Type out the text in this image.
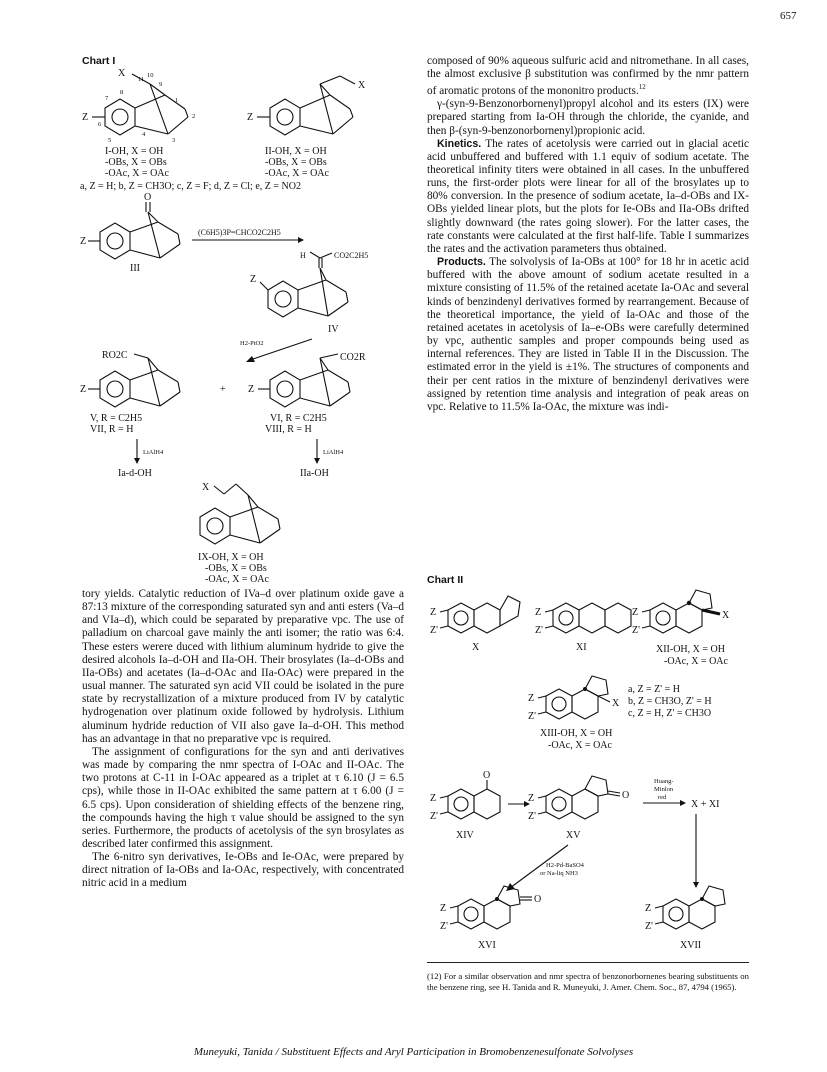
657
Chart I
X
Z
11
10
9
8
7
6
5
4
3
2
1
I-OH, X = OH
-OBs, X = OBs
-OAc, X = OAc
X
Z
II-OH, X = OH
-OBs, X = OBs
-OAc, X = OAc
a, Z = H; b, Z = CH3O; c, Z = F; d, Z = Cl; e, Z = NO2
O
Z
III
(C6H5)3P=CHCO2C2H5
H	CO2C2H5
Z
IV
H2-PtO2
RO2C
Z
V, R = C2H5
VII, R = H
+
CO2R
Z
VI, R = C2H5
VIII, R = H
LiAlH4
Ia-d-OH
LiAlH4
IIa-OH
X
IX-OH, X = OH
-OBs, X = OBs
-OAc, X = OAc

tory yields. Catalytic reduction of IVa–d over platinum oxide gave a 87:13 mixture of the corresponding saturated syn and anti esters (Va–d and VIa–d), which could be separated by preparative vpc. The use of palladium on charcoal gave mainly the anti isomer; the ratio was 6:4. These esters werere duced with lithium aluminum hydride to give the desired alcohols Ia–d-OH and IIa-OH. Their brosylates (Ia–d-OBs and IIa-OBs) and acetates (Ia–d-OAc and IIa-OAc) were prepared in the usual manner. The saturated syn acid VII could be isolated in the pure state by recrystallization of a mixture produced from IV by catalytic hydrogenation over platinum oxide followed by hydrolysis. Lithium aluminum hydride reduction of VII also gave Ia–d-OH. This method has an advantage in that no preparative vpc is required.

The assignment of configurations for the syn and anti derivatives was made by comparing the nmr spectra of I-OAc and II-OAc. The two protons at C-11 in I-OAc appeared as a triplet at τ 6.10 (J = 6.5 cps), while those in II-OAc exhibited the same pattern at τ 6.00 (J = 6.5 cps). Upon consideration of shielding effects of the benzene ring, the compounds having the high τ value should be assigned to the syn series. Furthermore, the products of acetolysis of the syn brosylates as described later confirmed this assignment.

The 6-nitro syn derivatives, Ie-OBs and Ie-OAc, were prepared by direct nitration of Ia-OBs and Ia-OAc, respectively, with concentrated nitric acid in a medium

composed of 90% aqueous sulfuric acid and nitromethane. In all cases, the almost exclusive β substitution was confirmed by the nmr pattern of aromatic protons of the mononitro products.$^{12}$

γ-(syn-9-Benzonorbornenyl)propyl alcohol and its esters (IX) were prepared starting from Ia-OH through the chloride, the cyanide, and then β-(syn-9-benzonorbornenyl)propionic acid.

Kinetics. The rates of acetolysis were carried out in glacial acetic acid unbuffered and buffered with 1.1 equiv of sodium acetate. The theoretical infinity titers were obtained in all cases. In the unbuffered runs, the first-order plots were linear for all of the brosylates up to 80% conversion. In the presence of sodium acetate, Ia–d-OBs and IX-OBs yielded linear plots, but the plots for Ie-OBs and IIa-OBs drifted slightly downward (the rates going slower). For the latter cases, the rate constants were calculated at the first half-life. Table I summarizes the rates and the activation parameters thus obtained.

Products. The solvolysis of Ia-OBs at 100° for 18 hr in acetic acid buffered with the above amount of sodium acetate resulted in a mixture consisting of 11.5% of the retained acetate Ia-OAc and several kinds of benzindenyl derivatives formed by rearrangement. Because of the theoretical importance, the yield of Ia-OAc and those of the retained acetates in acetolysis of Ia–e-OBs were carefully determined by vpc, authentic samples and proper compounds being used as internal references. They are listed in Table II in the Discussion. The estimated error in the yield is ±1%. The structures of components and their per cent ratios in the mixture of benzindenyl derivatives were assigned by retention time analysis and integration of peak areas on vpc. Relative to 11.5% Ia-OAc, the mixture was indi-

Chart II
Z
Z'
X
Z
Z'
XI
Z
Z'
X
XII-OH, X = OH
-OAc, X = OAc
Z
Z'
X
a, Z = Z' = H
b, Z = CH3O, Z' = H
c, Z = H, Z' = CH3O
XIII-OH, X = OH
-OAc, X = OAc
O
Z
Z'
XIV
O
Z
Z'
XV
Huang-
Minlon
red
X + XI
H2-Pd-BaSO4
or Na-liq NH3
O
Z
Z'
XVI
Z
Z'
XVII
(12) For a similar observation and nmr spectra of benzonorbornenes bearing substituents on the benzene ring, see H. Tanida and R. Muneyuki, J. Amer. Chem. Soc., 87, 4794 (1965).
Muneyuki, Tanida / Substituent Effects and Aryl Participation in Bromobenzenesulfonate Solvolyses
